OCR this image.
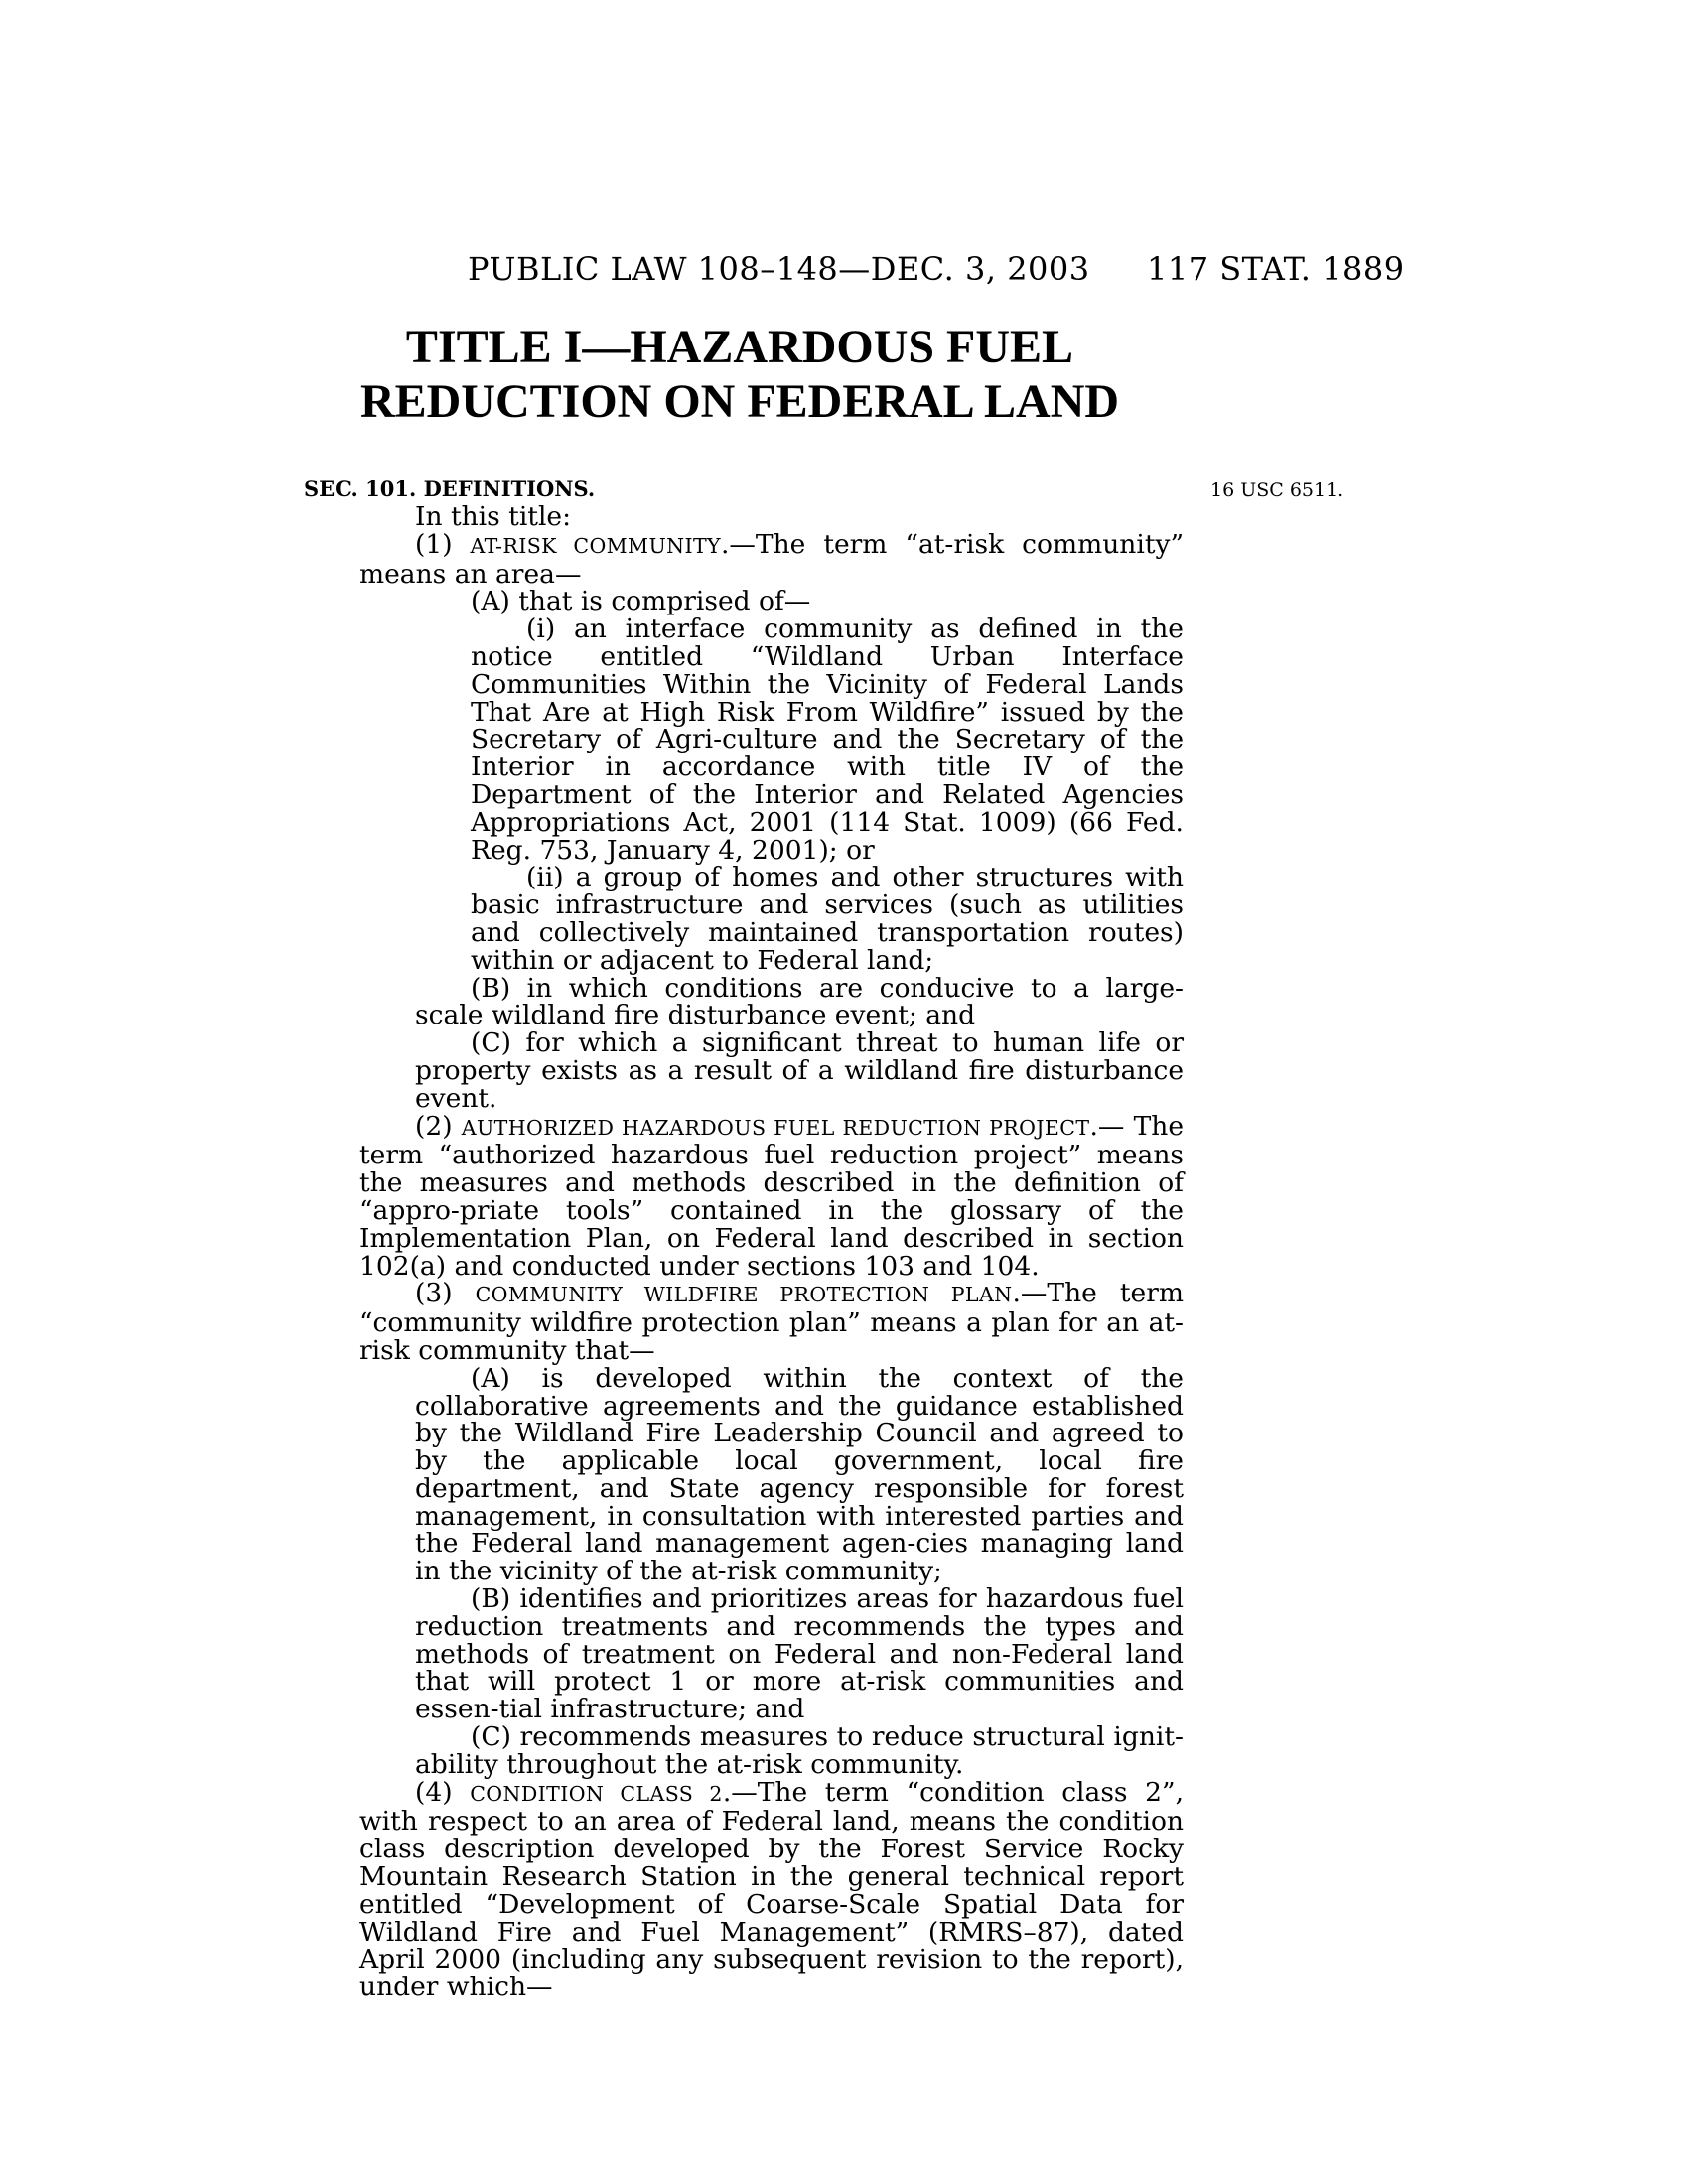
PUBLIC LAW 108–148—DEC. 3, 2003 117 STAT. 1889
TITLE I—HAZARDOUS FUEL
REDUCTION ON FEDERAL LAND
SEC. 101. DEFINITIONS.	16 USC 6511.

In this title:

(1) AT-RISK COMMUNITY.—The term “at-risk community” means an area—

(A) that is comprised of—

(i) an interface community as defined in the notice entitled “Wildland Urban Interface Communities Within the Vicinity of Federal Lands That Are at High Risk From Wildfire” issued by the Secretary of Agri-culture and the Secretary of the Interior in accordance with title IV of the Department of the Interior and Related Agencies Appropriations Act, 2001 (114 Stat. 1009) (66 Fed. Reg. 753, January 4, 2001); or

(ii) a group of homes and other structures with basic infrastructure and services (such as utilities and collectively maintained transportation routes) within or adjacent to Federal land;

(B) in which conditions are conducive to a large-scale wildland fire disturbance event; and

(C) for which a significant threat to human life or property exists as a result of a wildland fire disturbance event.

(2) AUTHORIZED HAZARDOUS FUEL REDUCTION PROJECT.— The term “authorized hazardous fuel reduction project” means the measures and methods described in the definition of “appro-priate tools” contained in the glossary of the Implementation Plan, on Federal land described in section 102(a) and conducted under sections 103 and 104.

(3) COMMUNITY WILDFIRE PROTECTION PLAN.—The term “community wildfire protection plan” means a plan for an at-risk community that—

(A) is developed within the context of the collaborative agreements and the guidance established by the Wildland Fire Leadership Council and agreed to by the applicable local government, local fire department, and State agency responsible for forest management, in consultation with interested parties and the Federal land management agen-cies managing land in the vicinity of the at-risk community;

(B) identifies and prioritizes areas for hazardous fuel reduction treatments and recommends the types and methods of treatment on Federal and non-Federal land that will protect 1 or more at-risk communities and essen-tial infrastructure; and

(C) recommends measures to reduce structural ignit-ability throughout the at-risk community.

(4) CONDITION CLASS 2.—The term “condition class 2”, with respect to an area of Federal land, means the condition class description developed by the Forest Service Rocky Mountain Research Station in the general technical report entitled “Development of Coarse-Scale Spatial Data for Wildland Fire and Fuel Management” (RMRS–87), dated April 2000 (including any subsequent revision to the report), under which—
